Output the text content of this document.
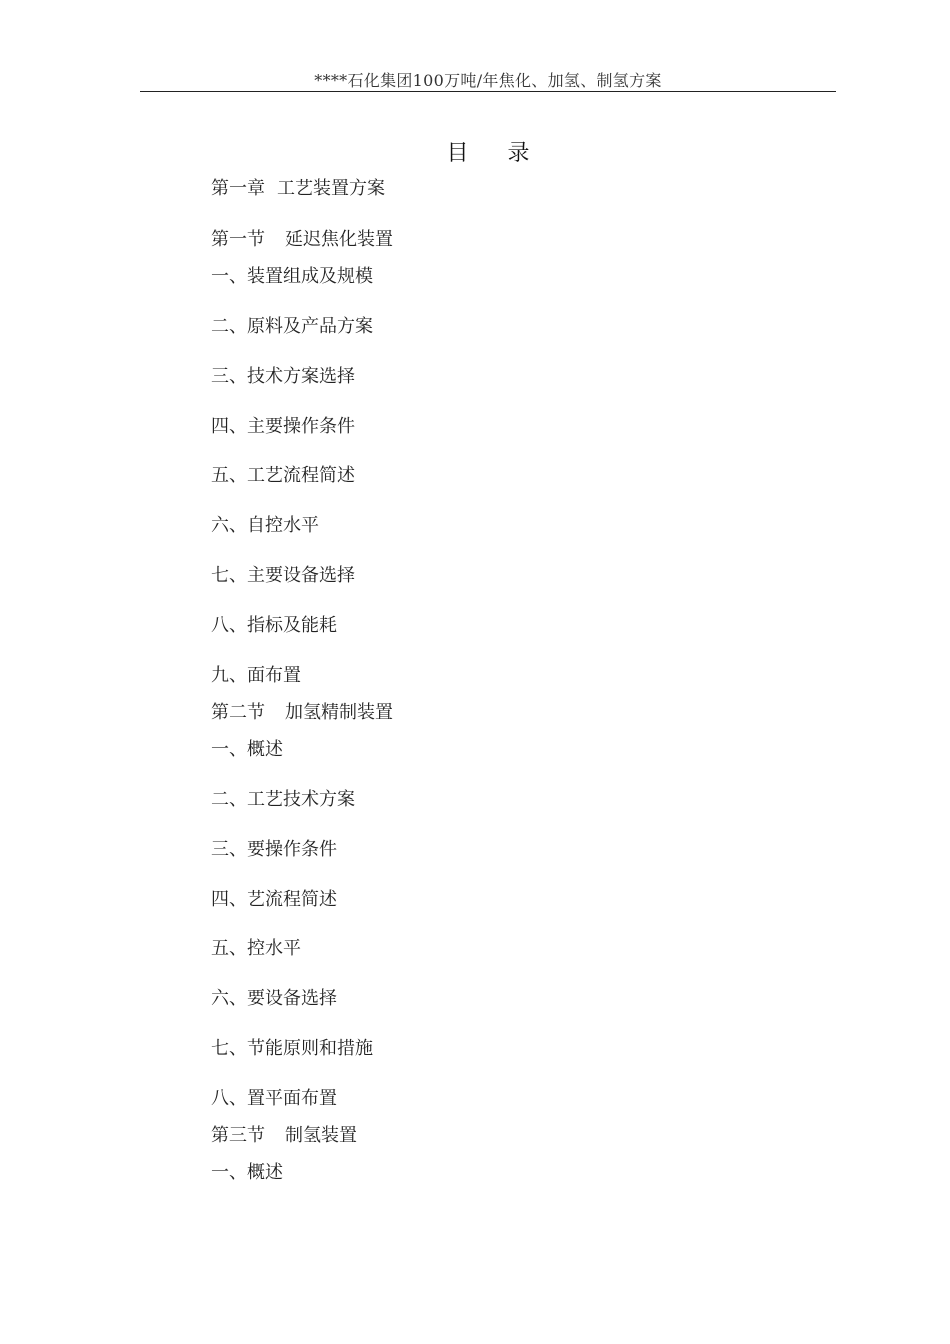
****石化集团100万吨/年焦化、加氢、制氢方案
目 录
第一章 工艺装置方案
第一节 延迟焦化装置
一、装置组成及规模
二、原料及产品方案
三、技术方案选择
四、主要操作条件
五、工艺流程简述
六、自控水平
七、主要设备选择
八、指标及能耗
九、面布置
第二节 加氢精制装置
一、概述
二、工艺技术方案
三、要操作条件
四、艺流程简述
五、控水平
六、要设备选择
七、节能原则和措施
八、置平面布置
第三节 制氢装置
一、概述
